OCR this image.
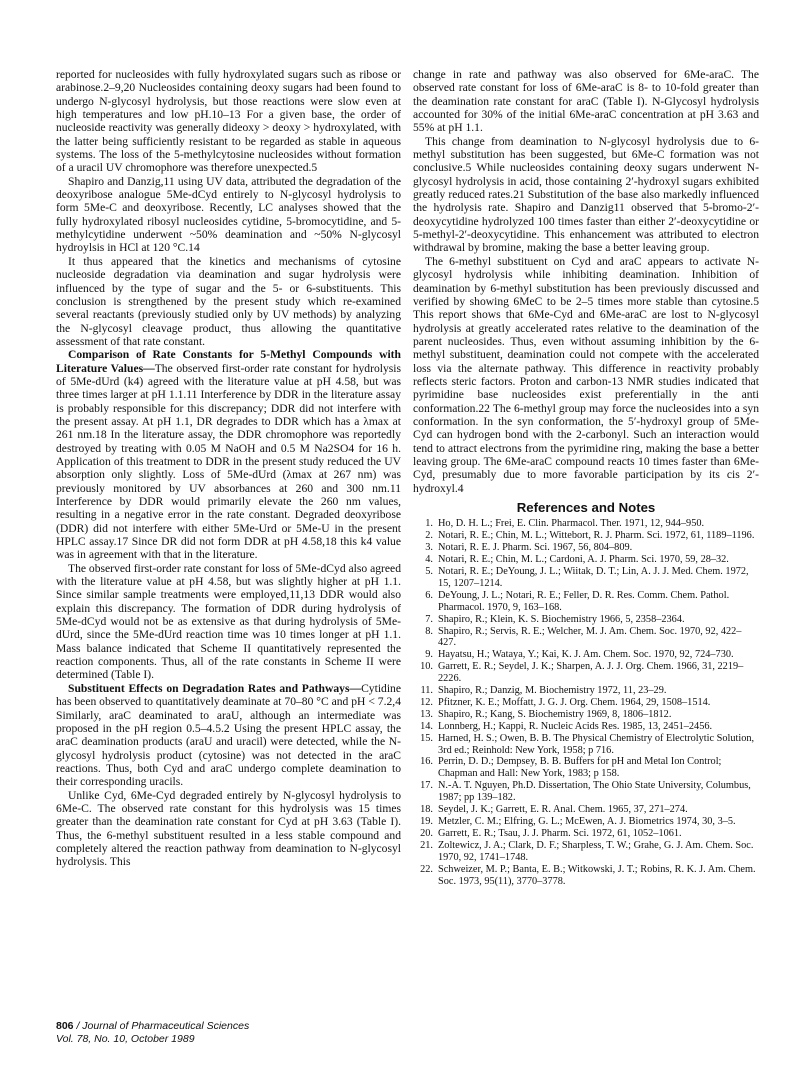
reported for nucleosides with fully hydroxylated sugars such as ribose or arabinose.2–9,20 Nucleosides containing deoxy sugars had been found to undergo N-glycosyl hydrolysis, but those reactions were slow even at high temperatures and low pH.10–13 For a given base, the order of nucleoside reactivity was generally dideoxy > deoxy > hydroxylated, with the latter being sufficiently resistant to be regarded as stable in aqueous systems. The loss of the 5-methylcytosine nucleosides without formation of a uracil UV chromophore was therefore unexpected.5

Shapiro and Danzig,11 using UV data, attributed the degradation of the deoxyribose analogue 5Me-dCyd entirely to N-glycosyl hydrolysis to form 5Me-C and deoxyribose. Recently, LC analyses showed that the fully hydroxylated ribosyl nucleosides cytidine, 5-bromocytidine, and 5-methylcytidine underwent ~50% deamination and ~50% N-glycosyl hydroylsis in HCl at 120 °C.14

It thus appeared that the kinetics and mechanisms of cytosine nucleoside degradation via deamination and sugar hydrolysis were influenced by the type of sugar and the 5- or 6-substituents. This conclusion is strengthened by the present study which re-examined several reactants (previously studied only by UV methods) by analyzing the N-glycosyl cleavage product, thus allowing the quantitative assessment of that rate constant.

Comparison of Rate Constants for 5-Methyl Compounds with Literature Values—The observed first-order rate constant for hydrolysis of 5Me-dUrd (k4) agreed with the literature value at pH 4.58, but was three times larger at pH 1.1.11 Interference by DDR in the literature assay is probably responsible for this discrepancy; DDR did not interfere with the present assay. At pH 1.1, DR degrades to DDR which has a λmax at 261 nm.18 In the literature assay, the DDR chromophore was reportedly destroyed by treating with 0.05 M NaOH and 0.5 M Na2SO4 for 16 h. Application of this treatment to DDR in the present study reduced the UV absorption only slightly. Loss of 5Me-dUrd (λmax at 267 nm) was previously monitored by UV absorbances at 260 and 300 nm.11 Interference by DDR would primarily elevate the 260 nm values, resulting in a negative error in the rate constant. Degraded deoxyribose (DDR) did not interfere with either 5Me-Urd or 5Me-U in the present HPLC assay.17 Since DR did not form DDR at pH 4.58,18 this k4 value was in agreement with that in the literature.

The observed first-order rate constant for loss of 5Me-dCyd also agreed with the literature value at pH 4.58, but was slightly higher at pH 1.1. Since similar sample treatments were employed,11,13 DDR would also explain this discrepancy. The formation of DDR during hydrolysis of 5Me-dCyd would not be as extensive as that during hydrolysis of 5Me-dUrd, since the 5Me-dUrd reaction time was 10 times longer at pH 1.1. Mass balance indicated that Scheme II quantitatively represented the reaction components. Thus, all of the rate constants in Scheme II were determined (Table I).

Substituent Effects on Degradation Rates and Pathways—Cytidine has been observed to quantitatively deaminate at 70–80 °C and pH < 7.2,4 Similarly, araC deaminated to araU, although an intermediate was proposed in the pH region 0.5–4.5.2 Using the present HPLC assay, the araC deamination products (araU and uracil) were detected, while the N-glycosyl hydrolysis product (cytosine) was not detected in the araC reactions. Thus, both Cyd and araC undergo complete deamination to their corresponding uracils.

Unlike Cyd, 6Me-Cyd degraded entirely by N-glycosyl hydrolysis to 6Me-C. The observed rate constant for this hydrolysis was 15 times greater than the deamination rate constant for Cyd at pH 3.63 (Table I). Thus, the 6-methyl substituent resulted in a less stable compound and completely altered the reaction pathway from deamination to N-glycosyl hydrolysis. This

change in rate and pathway was also observed for 6Me-araC. The observed rate constant for loss of 6Me-araC is 8- to 10-fold greater than the deamination rate constant for araC (Table I). N-Glycosyl hydrolysis accounted for 30% of the initial 6Me-araC concentration at pH 3.63 and 55% at pH 1.1.

This change from deamination to N-glycosyl hydrolysis due to 6-methyl substitution has been suggested, but 6Me-C formation was not conclusive.5 While nucleosides containing deoxy sugars underwent N-glycosyl hydrolysis in acid, those containing 2′-hydroxyl sugars exhibited greatly reduced rates.21 Substitution of the base also markedly influenced the hydrolysis rate. Shapiro and Danzig11 observed that 5-bromo-2′-deoxycytidine hydrolyzed 100 times faster than either 2′-deoxycytidine or 5-methyl-2′-deoxycytidine. This enhancement was attributed to electron withdrawal by bromine, making the base a better leaving group.

The 6-methyl substituent on Cyd and araC appears to activate N-glycosyl hydrolysis while inhibiting deamination. Inhibition of deamination by 6-methyl substitution has been previously discussed and verified by showing 6MeC to be 2–5 times more stable than cytosine.5 This report shows that 6Me-Cyd and 6Me-araC are lost to N-glycosyl hydrolysis at greatly accelerated rates relative to the deamination of the parent nucleosides. Thus, even without assuming inhibition by the 6-methyl substituent, deamination could not compete with the accelerated loss via the alternate pathway. This difference in reactivity probably reflects steric factors. Proton and carbon-13 NMR studies indicated that pyrimidine base nucleosides exist preferentially in the anti conformation.22 The 6-methyl group may force the nucleosides into a syn conformation. In the syn conformation, the 5′-hydroxyl group of 5Me-Cyd can hydrogen bond with the 2-carbonyl. Such an interaction would tend to attract electrons from the pyrimidine ring, making the base a better leaving group. The 6Me-araC compound reacts 10 times faster than 6Me-Cyd, presumably due to more favorable participation by its cis 2′-hydroxyl.4

References and Notes
1. Ho, D. H. L.; Frei, E. Clin. Pharmacol. Ther. 1971, 12, 944–950.
2. Notari, R. E.; Chin, M. L.; Wittebort, R. J. Pharm. Sci. 1972, 61, 1189–1196.
3. Notari, R. E. J. Pharm. Sci. 1967, 56, 804–809.
4. Notari, R. E.; Chin, M. L.; Cardoni, A. J. Pharm. Sci. 1970, 59, 28–32.
5. Notari, R. E.; DeYoung, J. L.; Wiitak, D. T.; Lin, A. J. J. Med. Chem. 1972, 15, 1207–1214.
6. DeYoung, J. L.; Notari, R. E.; Feller, D. R. Res. Comm. Chem. Pathol. Pharmacol. 1970, 9, 163–168.
7. Shapiro, R.; Klein, K. S. Biochemistry 1966, 5, 2358–2364.
8. Shapiro, R.; Servis, R. E.; Welcher, M. J. Am. Chem. Soc. 1970, 92, 422–427.
9. Hayatsu, H.; Wataya, Y.; Kai, K. J. Am. Chem. Soc. 1970, 92, 724–730.
10. Garrett, E. R.; Seydel, J. K.; Sharpen, A. J. J. Org. Chem. 1966, 31, 2219–2226.
11. Shapiro, R.; Danzig, M. Biochemistry 1972, 11, 23–29.
12. Pfitzner, K. E.; Moffatt, J. G. J. Org. Chem. 1964, 29, 1508–1514.
13. Shapiro, R.; Kang, S. Biochemistry 1969, 8, 1806–1812.
14. Lonnberg, H.; Kappi, R. Nucleic Acids Res. 1985, 13, 2451–2456.
15. Harned, H. S.; Owen, B. B. The Physical Chemistry of Electrolytic Solution, 3rd ed.; Reinhold: New York, 1958; p 716.
16. Perrin, D. D.; Dempsey, B. B. Buffers for pH and Metal Ion Control; Chapman and Hall: New York, 1983; p 158.
17. N.-A. T. Nguyen, Ph.D. Dissertation, The Ohio State University, Columbus, 1987; pp 139–182.
18. Seydel, J. K.; Garrett, E. R. Anal. Chem. 1965, 37, 271–274.
19. Metzler, C. M.; Elfring, G. L.; McEwen, A. J. Biometrics 1974, 30, 3–5.
20. Garrett, E. R.; Tsau, J. J. Pharm. Sci. 1972, 61, 1052–1061.
21. Zoltewicz, J. A.; Clark, D. F.; Sharpless, T. W.; Grahe, G. J. Am. Chem. Soc. 1970, 92, 1741–1748.
22. Schweizer, M. P.; Banta, E. B.; Witkowski, J. T.; Robins, R. K. J. Am. Chem. Soc. 1973, 95(11), 3770–3778.
806 / Journal of Pharmaceutical Sciences
Vol. 78, No. 10, October 1989
